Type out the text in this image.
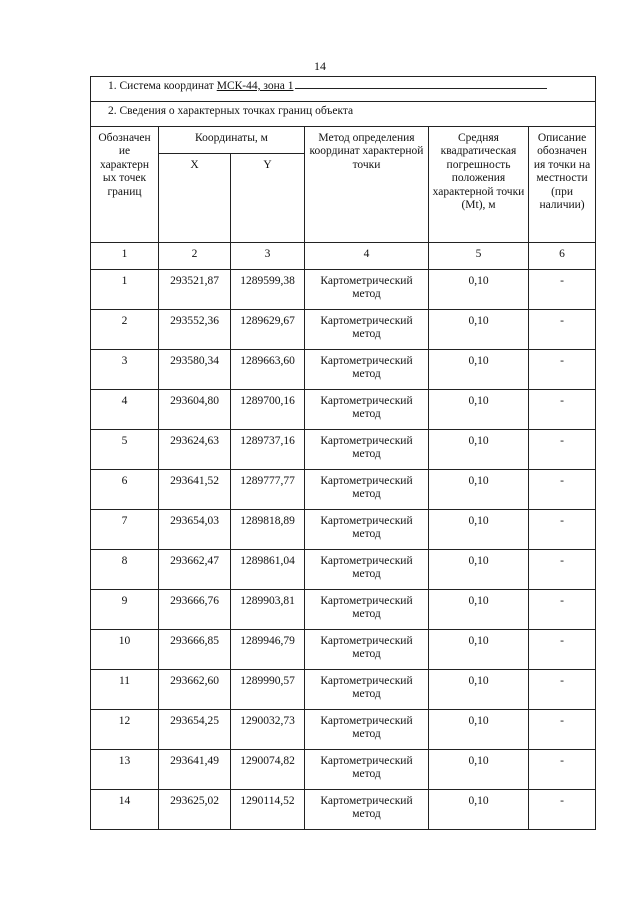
14
1. Система координат МСК-44, зона 1					
2. Сведения о характерных точках границ объекта					
Обозначен ие характерн ых точек границ	Координаты, м		Метод определения координат характерной точки	Средняя квадратическая погрешность положения характерной точки (Mt), м	Описание обозначен ия точки на местности (при наличии)
	X	Y			
1	2	3	4	5	6
1	293521,87	1289599,38	Картометрический метод	0,10	-
2	293552,36	1289629,67	Картометрический метод	0,10	-
3	293580,34	1289663,60	Картометрический метод	0,10	-
4	293604,80	1289700,16	Картометрический метод	0,10	-
5	293624,63	1289737,16	Картометрический метод	0,10	-
6	293641,52	1289777,77	Картометрический метод	0,10	-
7	293654,03	1289818,89	Картометрический метод	0,10	-
8	293662,47	1289861,04	Картометрический метод	0,10	-
9	293666,76	1289903,81	Картометрический метод	0,10	-
10	293666,85	1289946,79	Картометрический метод	0,10	-
11	293662,60	1289990,57	Картометрический метод	0,10	-
12	293654,25	1290032,73	Картометрический метод	0,10	-
13	293641,49	1290074,82	Картометрический метод	0,10	-
14	293625,02	1290114,52	Картометрический метод	0,10	-
